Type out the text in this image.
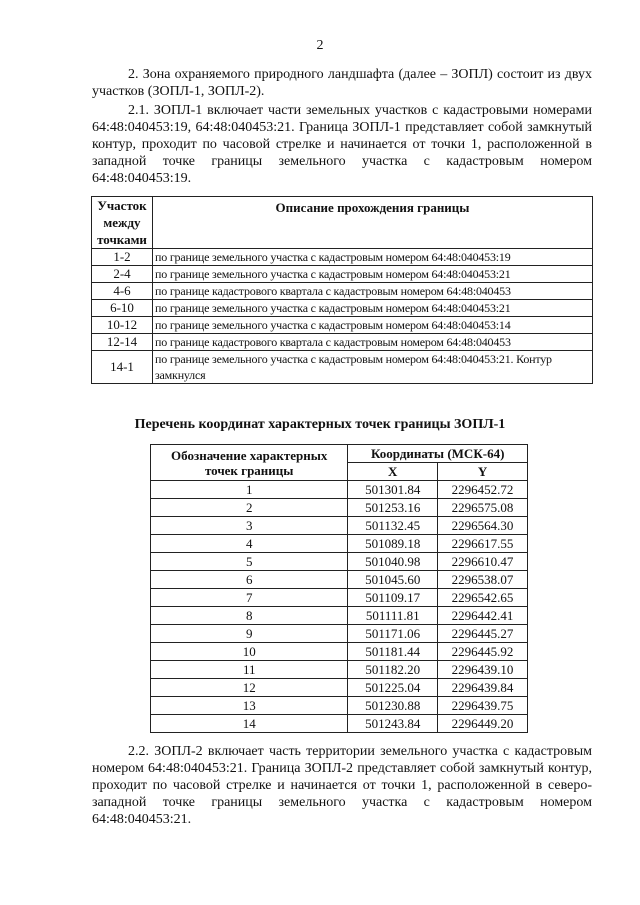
2
2. Зона охраняемого природного ландшафта (далее – ЗОПЛ) состоит из двух участков (ЗОПЛ-1, ЗОПЛ-2).
2.1. ЗОПЛ-1 включает части земельных участков с кадастровыми номерами 64:48:040453:19, 64:48:040453:21. Граница ЗОПЛ-1 представляет собой замкнутый контур, проходит по часовой стрелке и начинается от точки 1, расположенной в западной точке границы земельного участка с кадастровым номером 64:48:040453:19.
Участок между точками	Описание прохождения границы
1-2	по границе земельного участка с кадастровым номером 64:48:040453:19
2-4	по границе земельного участка с кадастровым номером 64:48:040453:21
4-6	по границе кадастрового квартала с кадастровым номером 64:48:040453
6-10	по границе земельного участка с кадастровым номером 64:48:040453:21
10-12	по границе земельного участка с кадастровым номером 64:48:040453:14
12-14	по границе кадастрового квартала с кадастровым номером 64:48:040453
14-1	по границе земельного участка с кадастровым номером 64:48:040453:21. Контур замкнулся
Перечень координат характерных точек границы ЗОПЛ-1
Обозначение характерных точек границы	Координаты (МСК-64)	
	X	Y
1	501301.84	2296452.72
2	501253.16	2296575.08
3	501132.45	2296564.30
4	501089.18	2296617.55
5	501040.98	2296610.47
6	501045.60	2296538.07
7	501109.17	2296542.65
8	501111.81	2296442.41
9	501171.06	2296445.27
10	501181.44	2296445.92
11	501182.20	2296439.10
12	501225.04	2296439.84
13	501230.88	2296439.75
14	501243.84	2296449.20
2.2. ЗОПЛ-2 включает часть территории земельного участка с кадастровым номером 64:48:040453:21. Граница ЗОПЛ-2 представляет собой замкнутый контур, проходит по часовой стрелке и начинается от точки 1, расположенной в северо-западной точке границы земельного участка с кадастровым номером 64:48:040453:21.
